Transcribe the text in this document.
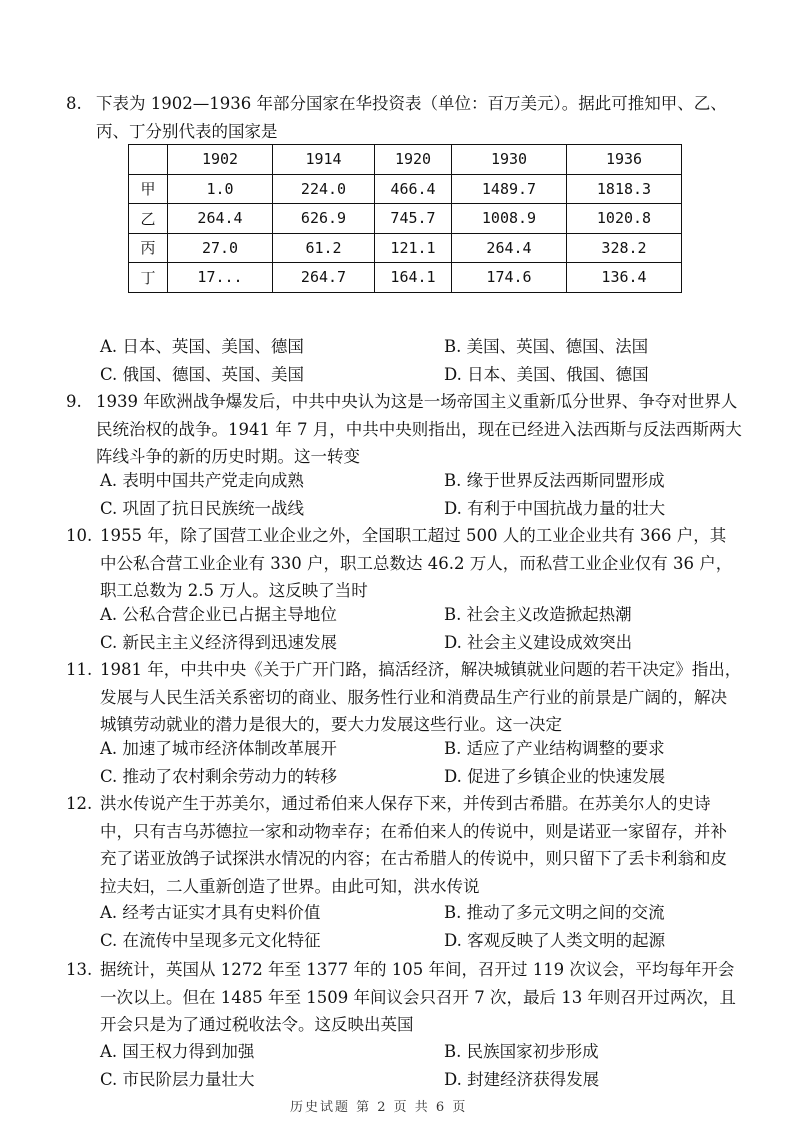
8. 下表为 1902—1936 年部分国家在华投资表（单位：百万美元）。据此可推知甲、乙、丙、丁分别代表的国家是
	1902	1914	1920	1930	1936
甲	1.0	224.0	466.4	1489.7	1818.3
乙	264.4	626.9	745.7	1008.9	1020.8
丙	27.0	61.2	121.1	264.4	328.2
丁	17...	264.7	164.1	174.6	136.4
A. 日本、英国、美国、德国	B. 美国、英国、德国、法国
C. 俄国、德国、英国、美国	D. 日本、美国、俄国、德国
9. 1939 年欧洲战争爆发后，中共中央认为这是一场帝国主义重新瓜分世界、争夺对世界人民统治权的战争。1941 年 7 月，中共中央则指出，现在已经进入法西斯与反法西斯两大阵线斗争的新的历史时期。这一转变
A. 表明中国共产党走向成熟	B. 缘于世界反法西斯同盟形成
C. 巩固了抗日民族统一战线	D. 有利于中国抗战力量的壮大
10. 1955 年，除了国营工业企业之外，全国职工超过 500 人的工业企业共有 366 户，其中公私合营工业企业有 330 户，职工总数达 46.2 万人，而私营工业企业仅有 36 户，职工总数为 2.5 万人。这反映了当时
A. 公私合营企业已占据主导地位	B. 社会主义改造掀起热潮
C. 新民主主义经济得到迅速发展	D. 社会主义建设成效突出
11. 1981 年，中共中央《关于广开门路，搞活经济，解决城镇就业问题的若干决定》指出，发展与人民生活关系密切的商业、服务性行业和消费品生产行业的前景是广阔的，解决城镇劳动就业的潜力是很大的，要大力发展这些行业。这一决定
A. 加速了城市经济体制改革展开	B. 适应了产业结构调整的要求
C. 推动了农村剩余劳动力的转移	D. 促进了乡镇企业的快速发展
12. 洪水传说产生于苏美尔，通过希伯来人保存下来，并传到古希腊。在苏美尔人的史诗中，只有吉乌苏德拉一家和动物幸存；在希伯来人的传说中，则是诺亚一家留存，并补充了诺亚放鸽子试探洪水情况的内容；在古希腊人的传说中，则只留下了丢卡利翁和皮拉夫妇，二人重新创造了世界。由此可知，洪水传说
A. 经考古证实才具有史料价值	B. 推动了多元文明之间的交流
C. 在流传中呈现多元文化特征	D. 客观反映了人类文明的起源
13. 据统计，英国从 1272 年至 1377 年的 105 年间，召开过 119 次议会，平均每年开会一次以上。但在 1485 年至 1509 年间议会只召开 7 次，最后 13 年则召开过两次，且开会只是为了通过税收法令。这反映出英国
A. 国王权力得到加强	B. 民族国家初步形成
C. 市民阶层力量壮大	D. 封建经济获得发展
历史试题 第 2 页 共 6 页
